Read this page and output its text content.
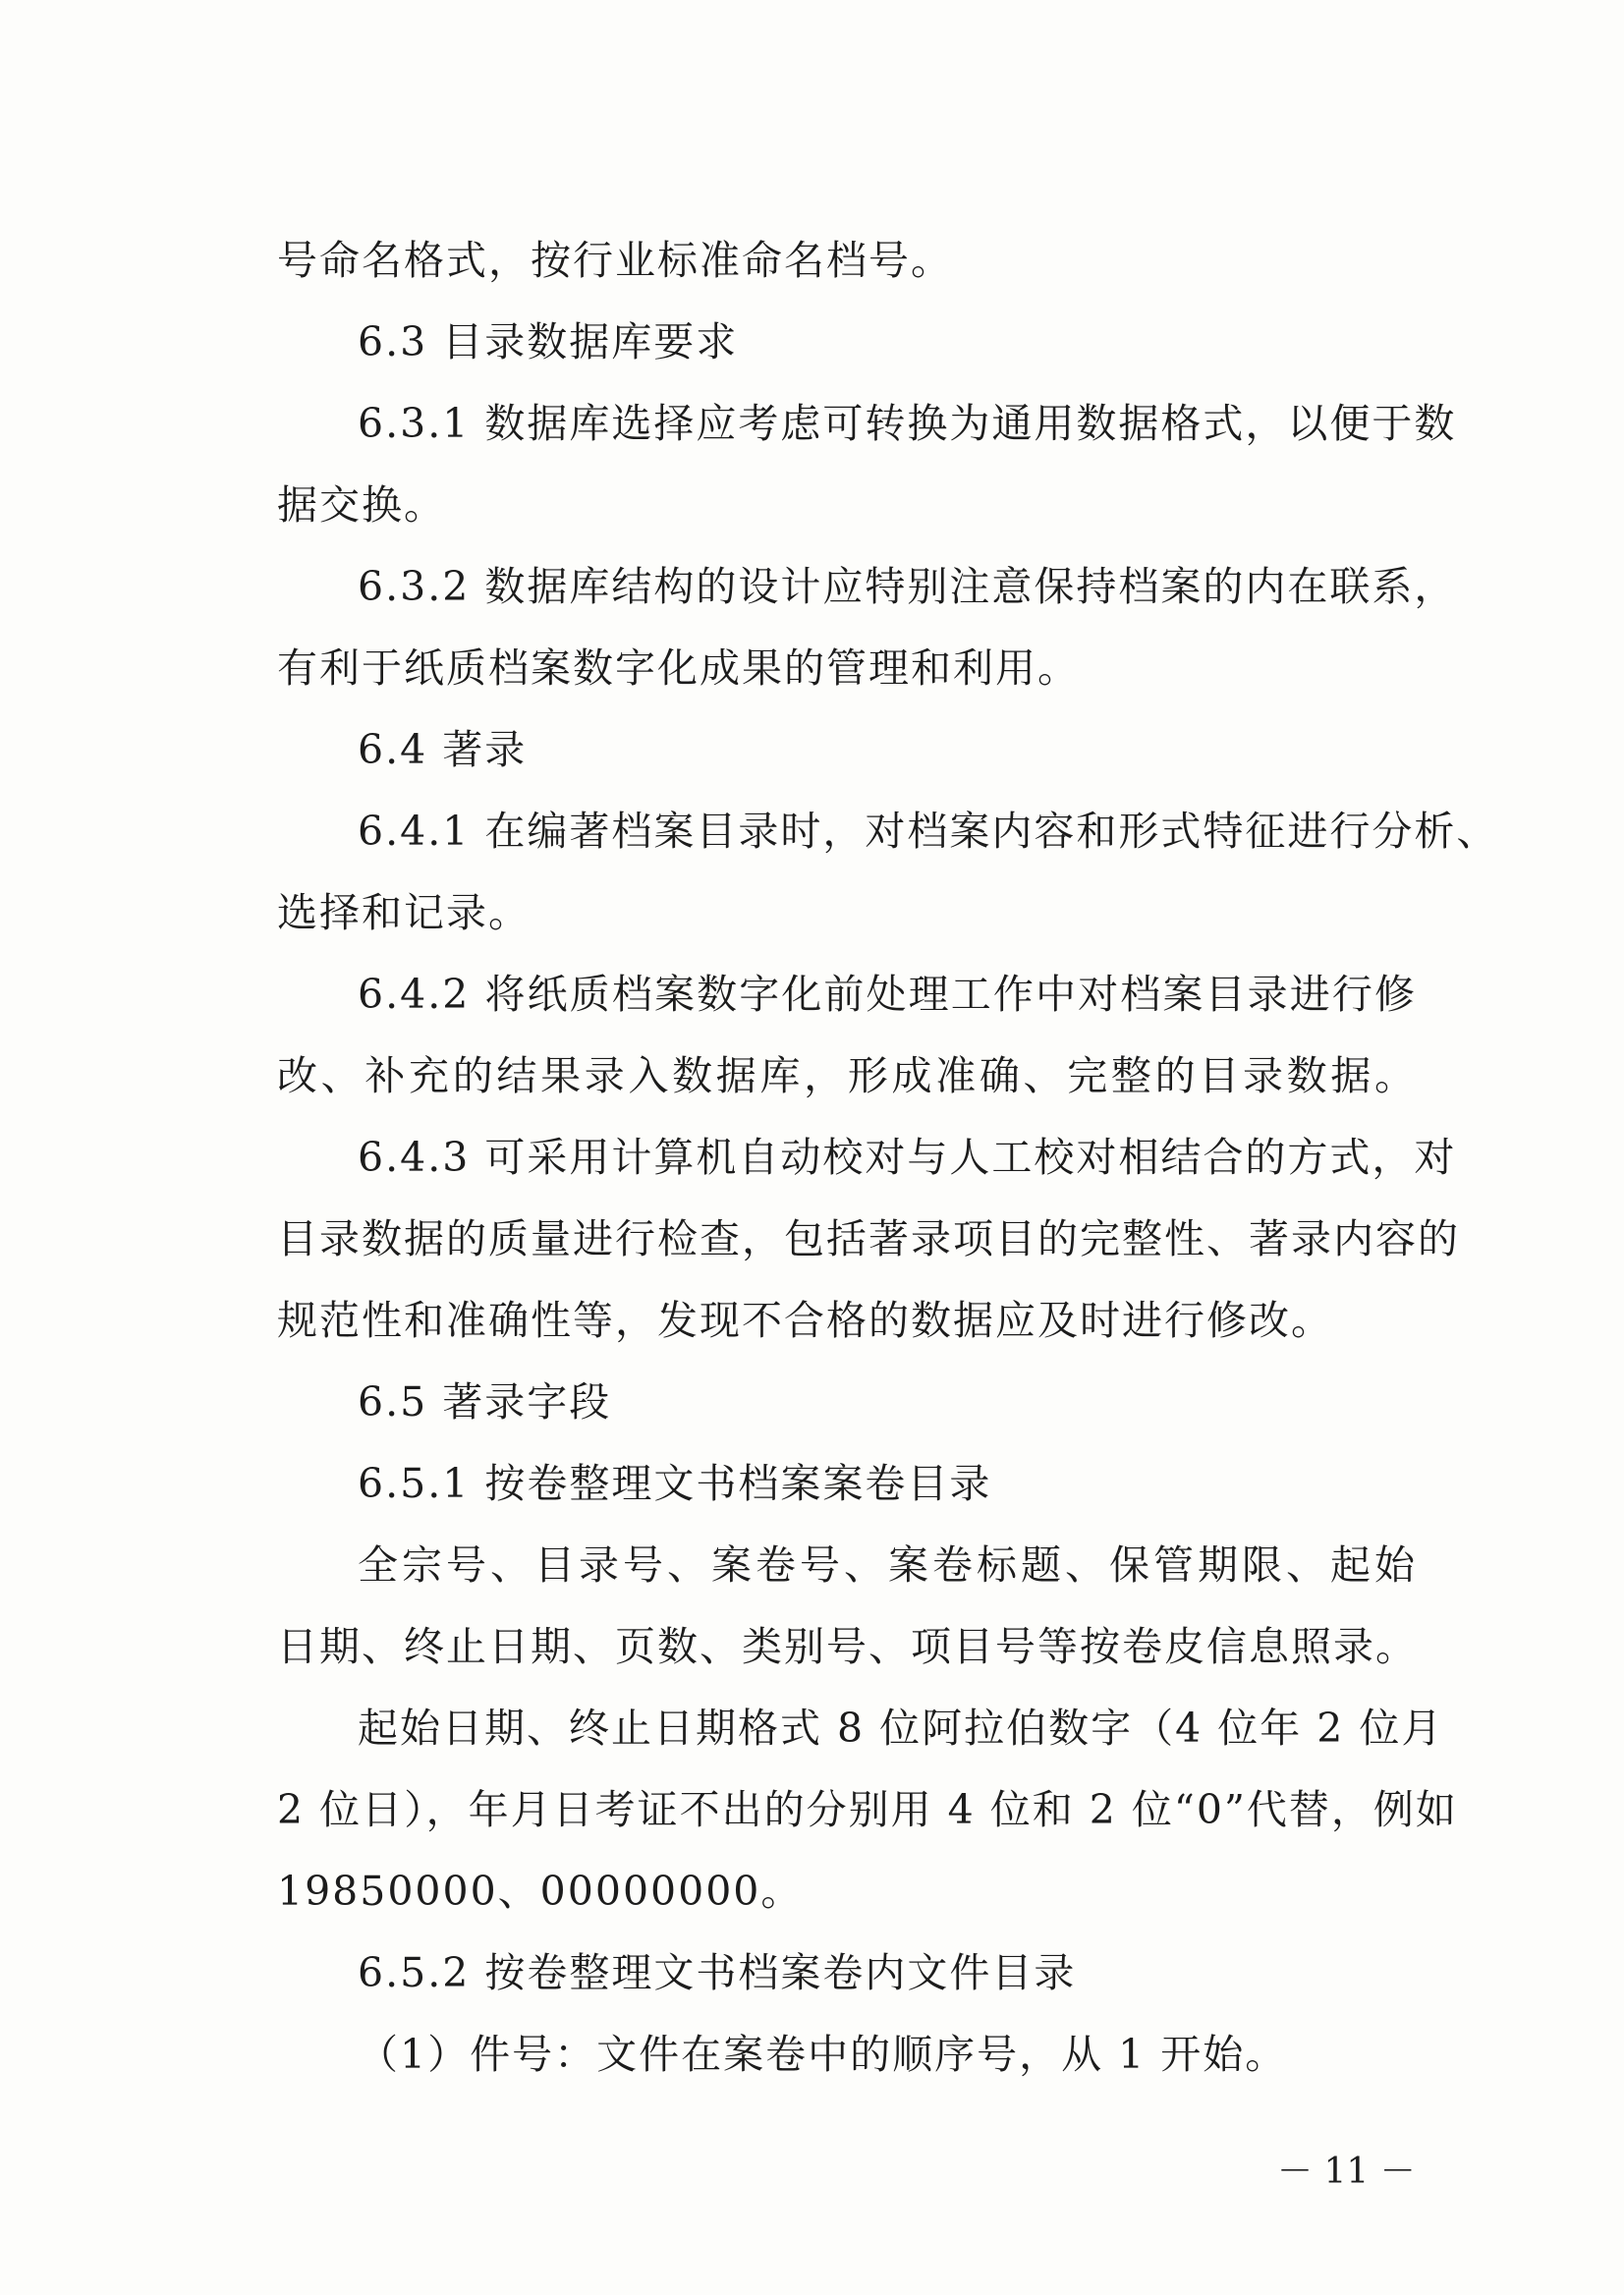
号命名格式，按行业标准命名档号。
6.3 目录数据库要求
6.3.1 数据库选择应考虑可转换为通用数据格式，以便于数
据交换。
6.3.2 数据库结构的设计应特别注意保持档案的内在联系，
有利于纸质档案数字化成果的管理和利用。
6.4 著录
6.4.1 在编著档案目录时，对档案内容和形式特征进行分析、
选择和记录。
6.4.2 将纸质档案数字化前处理工作中对档案目录进行修
改、补充的结果录入数据库，形成准确、完整的目录数据。
6.4.3 可采用计算机自动校对与人工校对相结合的方式，对
目录数据的质量进行检查，包括著录项目的完整性、著录内容的
规范性和准确性等，发现不合格的数据应及时进行修改。
6.5 著录字段
6.5.1 按卷整理文书档案案卷目录
全宗号、目录号、案卷号、案卷标题、保管期限、起始
日期、终止日期、页数、类别号、项目号等按卷皮信息照录。
起始日期、终止日期格式 8 位阿拉伯数字（4 位年 2 位月
2 位日），年月日考证不出的分别用 4 位和 2 位“0”代替，例如
19850000、00000000。
6.5.2 按卷整理文书档案卷内文件目录
（1）件号：文件在案卷中的顺序号，从 1 开始。
－ 11 －
